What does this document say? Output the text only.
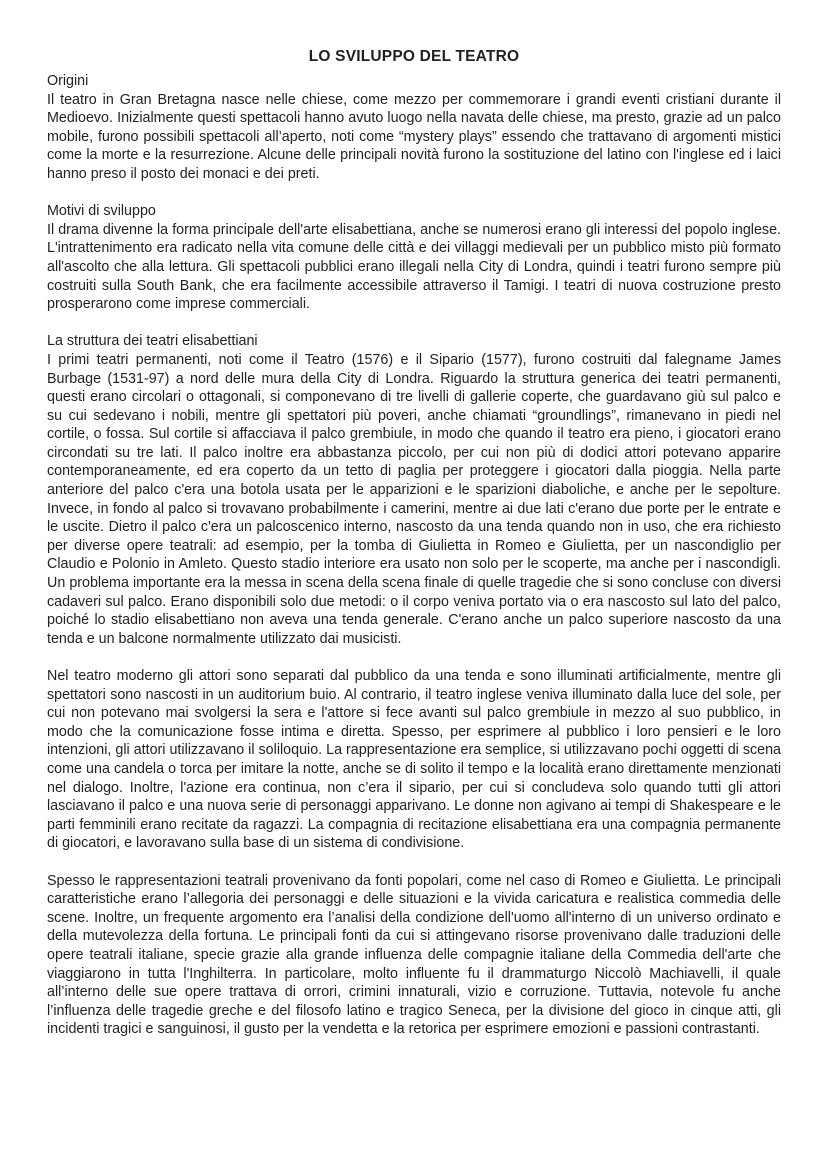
LO SVILUPPO DEL TEATRO
Origini

Il teatro in Gran Bretagna nasce nelle chiese, come mezzo per commemorare i grandi eventi cristiani durante il Medioevo. Inizialmente questi spettacoli hanno avuto luogo nella navata delle chiese, ma presto, grazie ad un palco mobile, furono possibili spettacoli all’aperto, noti come “mystery plays” essendo che trattavano di argomenti mistici come la morte e la resurrezione. Alcune delle principali novità furono la sostituzione del latino con l'inglese ed i laici hanno preso il posto dei monaci e dei preti.

Motivi di sviluppo

Il drama divenne la forma principale dell'arte elisabettiana, anche se numerosi erano gli interessi del popolo inglese. L'intrattenimento era radicato nella vita comune delle città e dei villaggi medievali per un pubblico misto più formato all'ascolto che alla lettura. Gli spettacoli pubblici erano illegali nella City di Londra, quindi i teatri furono sempre più costruiti sulla South Bank, che era facilmente accessibile attraverso il Tamigi. I teatri di nuova costruzione presto prosperarono come imprese commerciali.

La struttura dei teatri elisabettiani

I primi teatri permanenti, noti come il Teatro (1576) e il Sipario (1577), furono costruiti dal falegname James Burbage (1531-97) a nord delle mura della City di Londra. Riguardo la struttura generica dei teatri permanenti, questi erano circolari o ottagonali, si componevano di tre livelli di gallerie coperte, che guardavano giù sul palco e su cui sedevano i nobili, mentre gli spettatori più poveri, anche chiamati “groundlings”, rimanevano in piedi nel cortile, o fossa. Sul cortile si affacciava il palco grembiule, in modo che quando il teatro era pieno, i giocatori erano circondati su tre lati. Il palco inoltre era abbastanza piccolo, per cui non più di dodici attori potevano apparire contemporaneamente, ed era coperto da un tetto di paglia per proteggere i giocatori dalla pioggia. Nella parte anteriore del palco c'era una botola usata per le apparizioni e le sparizioni diaboliche, e anche per le sepolture. Invece, in fondo al palco si trovavano probabilmente i camerini, mentre ai due lati c'erano due porte per le entrate e le uscite. Dietro il palco c'era un palcoscenico interno, nascosto da una tenda quando non in uso, che era richiesto per diverse opere teatrali: ad esempio, per la tomba di Giulietta in Romeo e Giulietta, per un nascondiglio per Claudio e Polonio in Amleto. Questo stadio interiore era usato non solo per le scoperte, ma anche per i nascondigli. Un problema importante era la messa in scena della scena finale di quelle tragedie che si sono concluse con diversi cadaveri sul palco. Erano disponibili solo due metodi: o il corpo veniva portato via o era nascosto sul lato del palco, poiché lo stadio elisabettiano non aveva una tenda generale. C'erano anche un palco superiore nascosto da una tenda e un balcone normalmente utilizzato dai musicisti.

Nel teatro moderno gli attori sono separati dal pubblico da una tenda e sono illuminati artificialmente, mentre gli spettatori sono nascosti in un auditorium buio. Al contrario, il teatro inglese veniva illuminato dalla luce del sole, per cui non potevano mai svolgersi la sera e l'attore si fece avanti sul palco grembiule in mezzo al suo pubblico, in modo che la comunicazione fosse intima e diretta. Spesso, per esprimere al pubblico i loro pensieri e le loro intenzioni, gli attori utilizzavano il soliloquio. La rappresentazione era semplice, si utilizzavano pochi oggetti di scena come una candela o torca per imitare la notte, anche se di solito il tempo e la località erano direttamente menzionati nel dialogo. Inoltre, l'azione era continua, non c’era il sipario, per cui si concludeva solo quando tutti gli attori lasciavano il palco e una nuova serie di personaggi apparivano. Le donne non agivano ai tempi di Shakespeare e le parti femminili erano recitate da ragazzi. La compagnia di recitazione elisabettiana era una compagnia permanente di giocatori, e lavoravano sulla base di un sistema di condivisione.

Spesso le rappresentazioni teatrali provenivano da fonti popolari, come nel caso di Romeo e Giulietta. Le principali caratteristiche erano l’allegoria dei personaggi e delle situazioni e la vivida caricatura e realistica commedia delle scene. Inoltre, un frequente argomento era l’analisi della condizione dell'uomo all'interno di un universo ordinato e della mutevolezza della fortuna. Le principali fonti da cui si attingevano risorse provenivano dalle traduzioni delle opere teatrali italiane, specie grazie alla grande influenza delle compagnie italiane della Commedia dell'arte che viaggiarono in tutta l'Inghilterra. In particolare, molto influente fu il drammaturgo Niccolò Machiavelli, il quale all’interno delle sue opere trattava di orrori, crimini innaturali, vizio e corruzione. Tuttavia, notevole fu anche l’influenza delle tragedie greche e del filosofo latino e tragico Seneca, per la divisione del gioco in cinque atti, gli incidenti tragici e sanguinosi, il gusto per la vendetta e la retorica per esprimere emozioni e passioni contrastanti.
